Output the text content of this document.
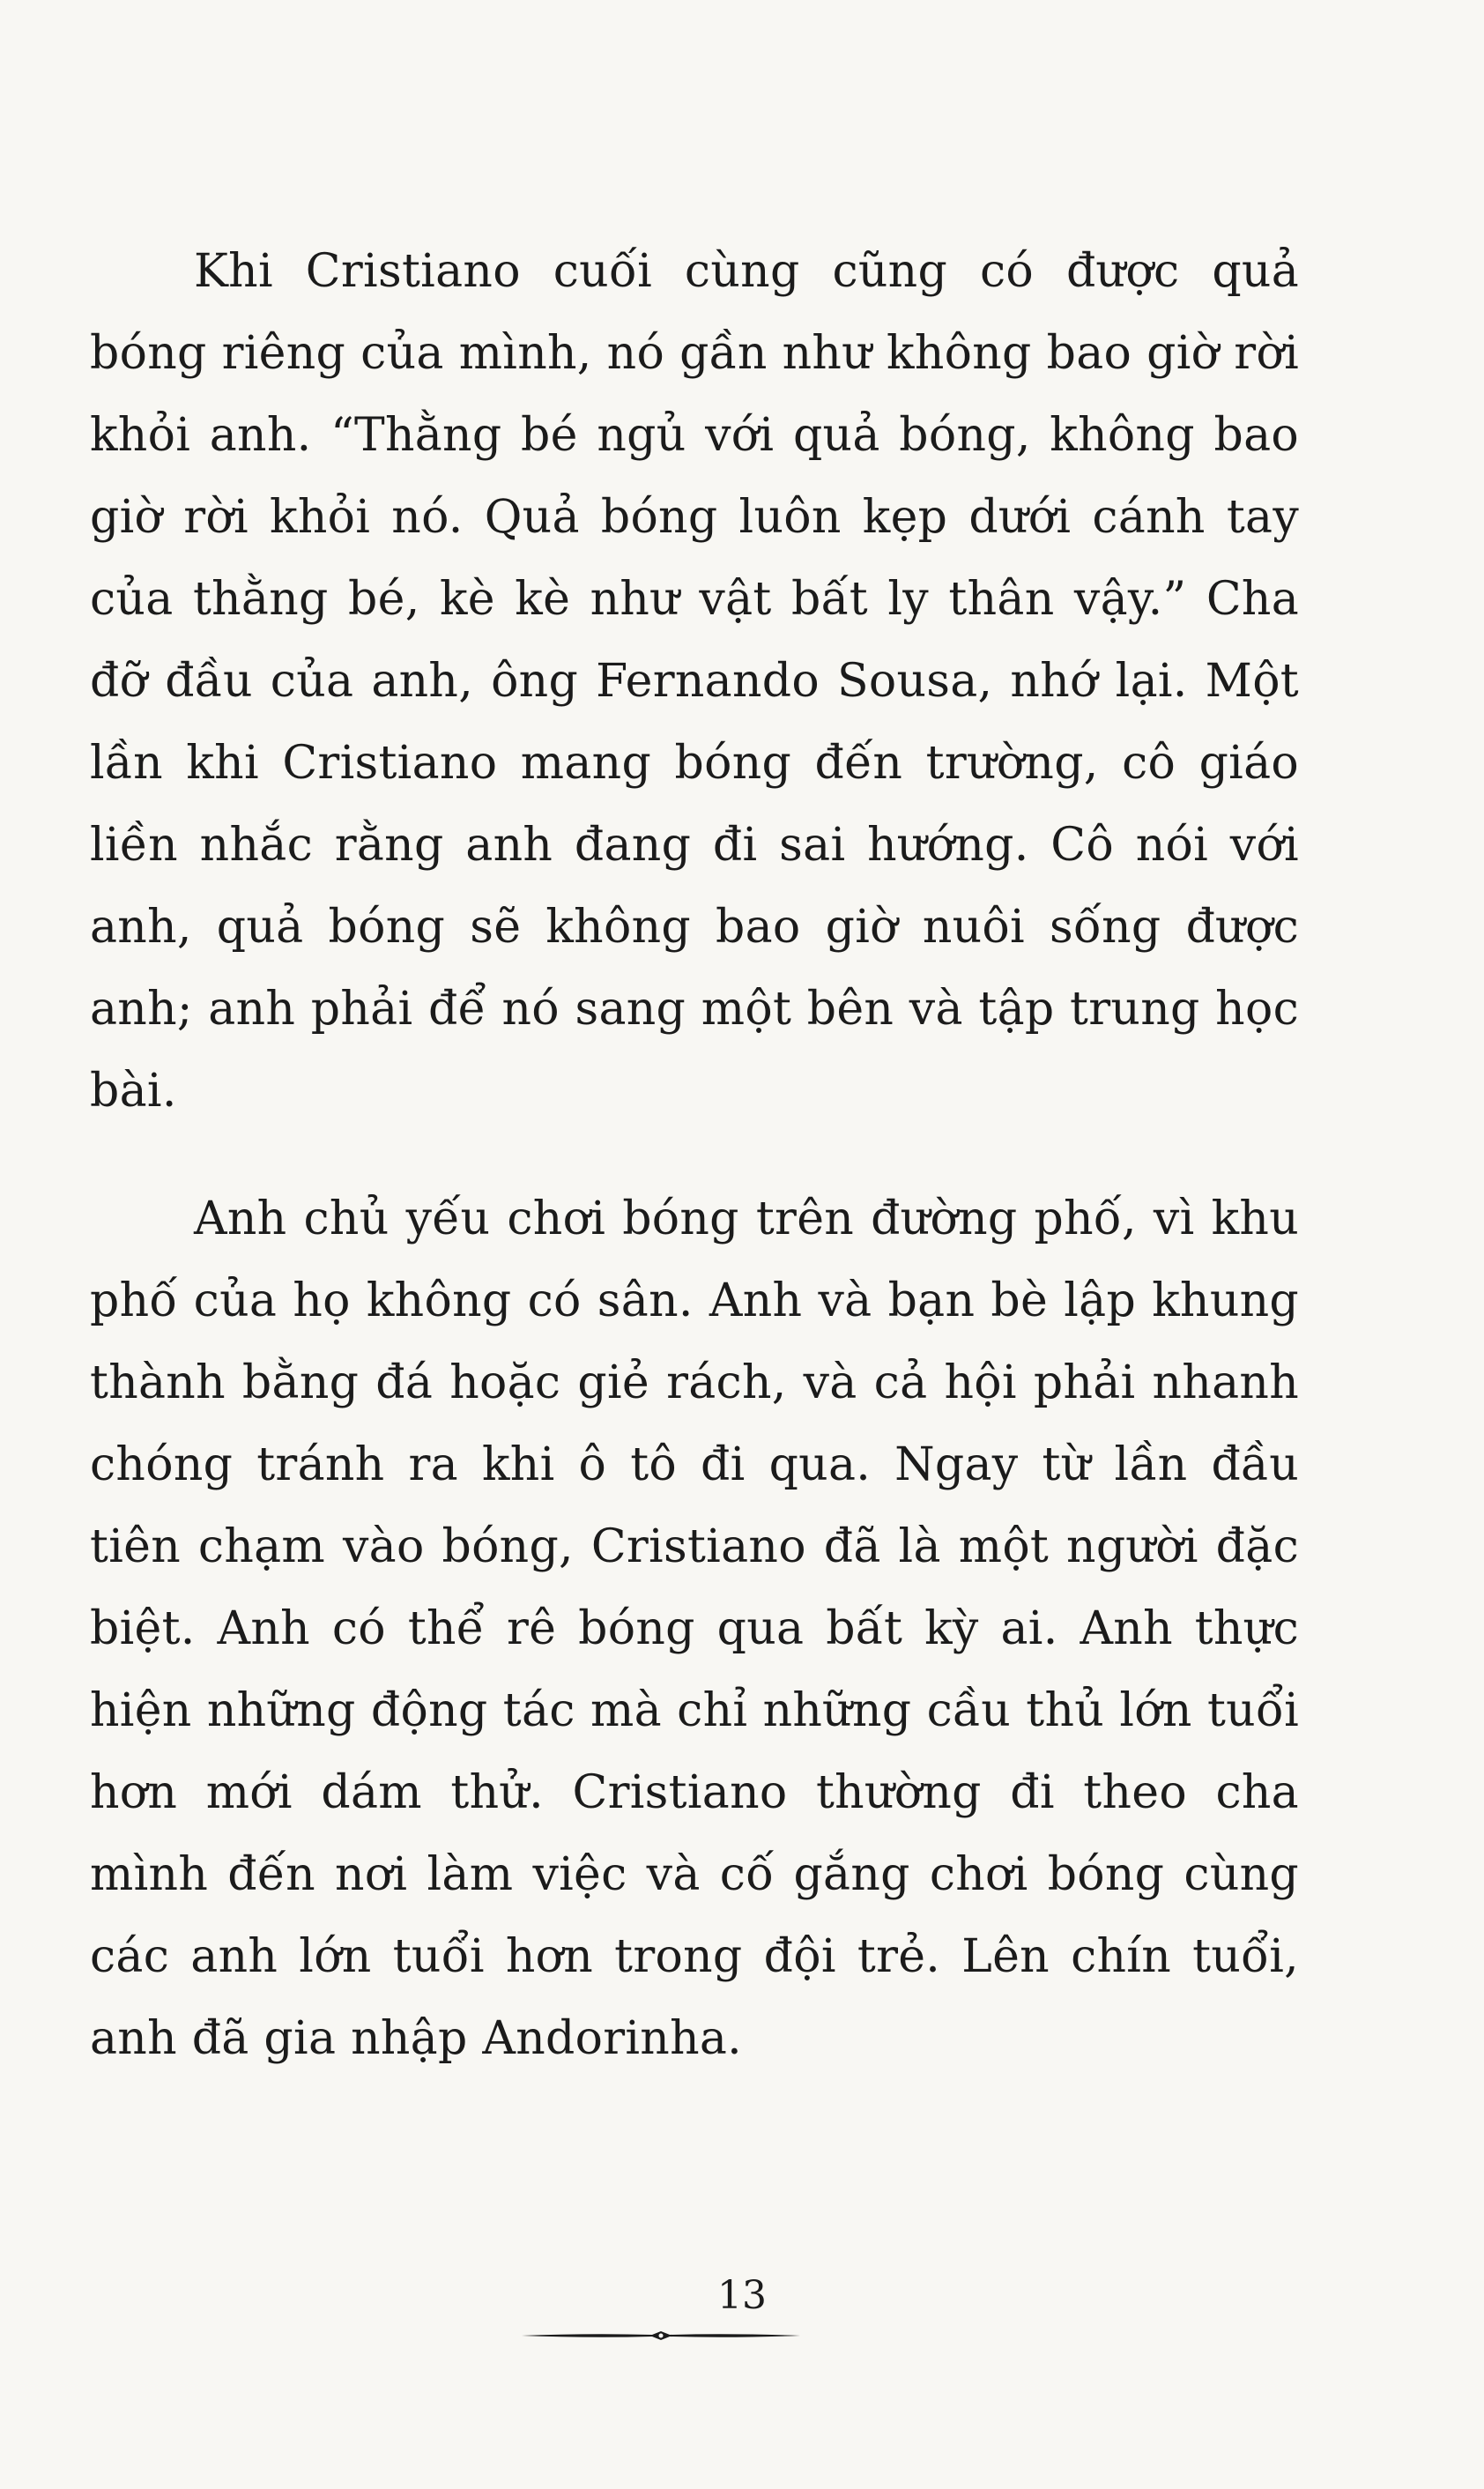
Khi Cristiano cuối cùng cũng có được quả bóng riêng của mình, nó gần như không bao giờ rời khỏi anh. “Thằng bé ngủ với quả bóng, không bao giờ rời khỏi nó. Quả bóng luôn kẹp dưới cánh tay của thằng bé, kè kè như vật bất ly thân vậy.” Cha đỡ đầu của anh, ông Fernando Sousa, nhớ lại. Một lần khi Cristiano mang bóng đến trường, cô giáo liền nhắc rằng anh đang đi sai hướng. Cô nói với anh, quả bóng sẽ không bao giờ nuôi sống được anh; anh phải để nó sang một bên và tập trung học bài.

Anh chủ yếu chơi bóng trên đường phố, vì khu phố của họ không có sân. Anh và bạn bè lập khung thành bằng đá hoặc giẻ rách, và cả hội phải nhanh chóng tránh ra khi ô tô đi qua. Ngay từ lần đầu tiên chạm vào bóng, Cristiano đã là một người đặc biệt. Anh có thể rê bóng qua bất kỳ ai. Anh thực hiện những động tác mà chỉ những cầu thủ lớn tuổi hơn mới dám thử. Cristiano thường đi theo cha mình đến nơi làm việc và cố gắng chơi bóng cùng các anh lớn tuổi hơn trong đội trẻ. Lên chín tuổi, anh đã gia nhập Andorinha.

13
